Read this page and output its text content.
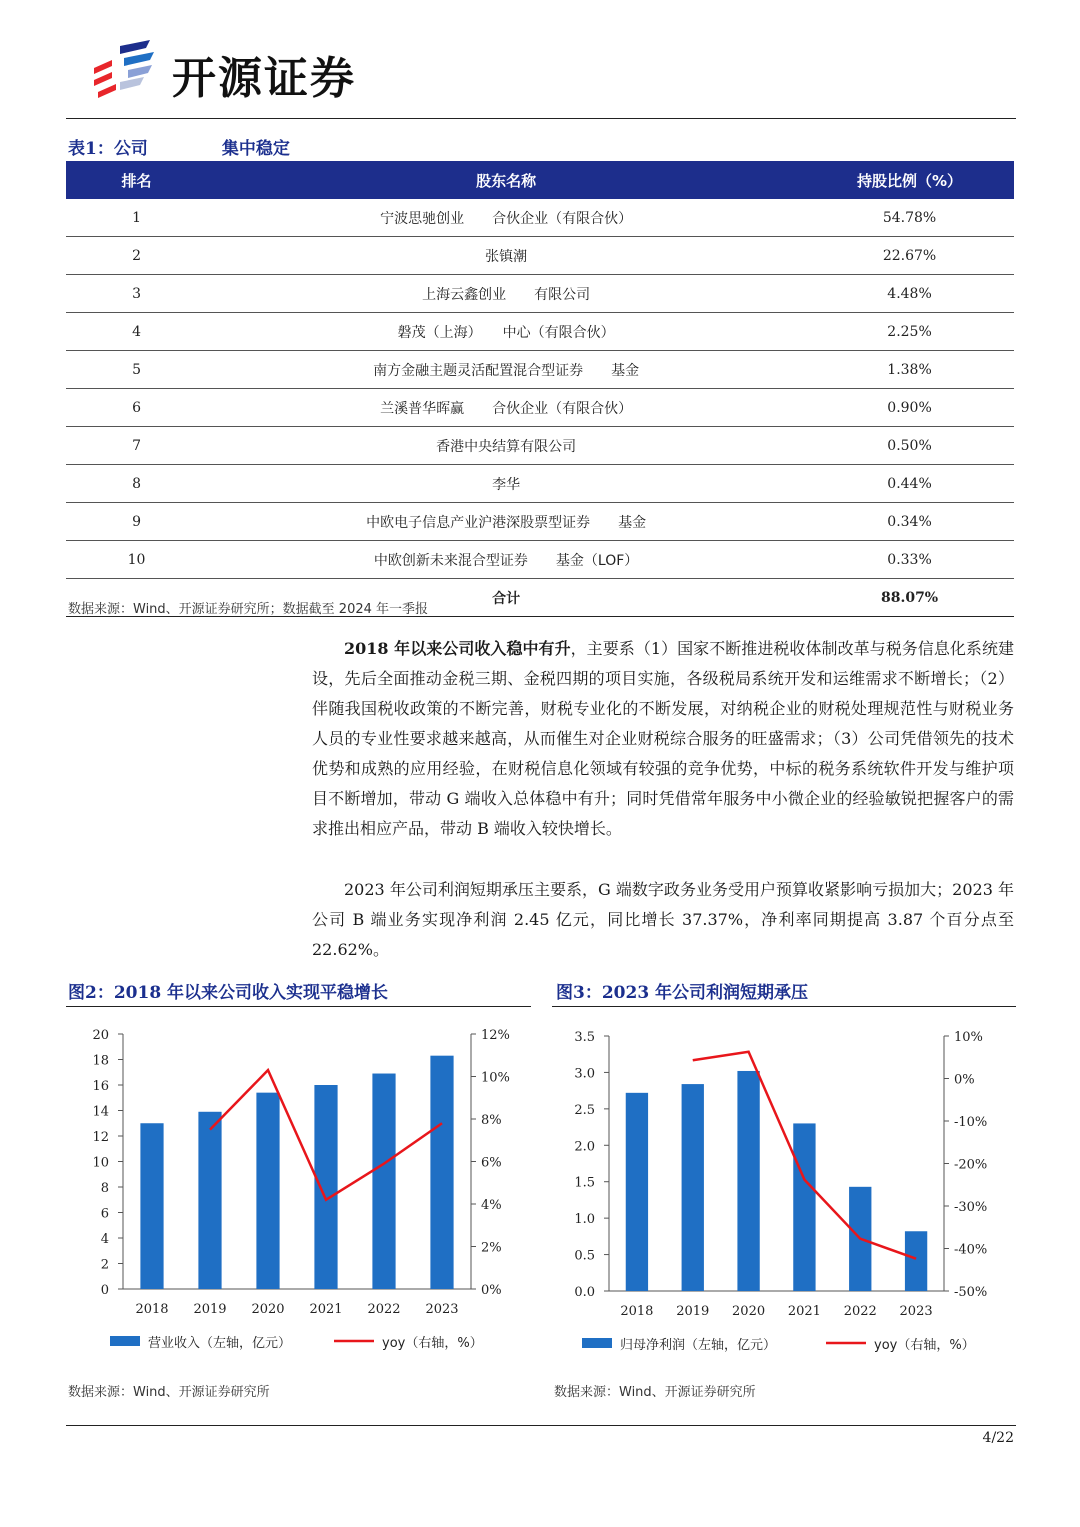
开源证券
表1：公司	集中稳定
排名	股东名称	持股比例（%）
1	宁波思驰创业　　合伙企业（有限合伙）	54.78%
2	张镇潮	22.67%
3	上海云鑫创业　　有限公司	4.48%
4	磐茂（上海）　　中心（有限合伙）	2.25%
5	南方金融主题灵活配置混合型证券　　基金	1.38%
6	兰溪普华晖赢　　合伙企业（有限合伙）	0.90%
7	香港中央结算有限公司	0.50%
8	李华	0.44%
9	中欧电子信息产业沪港深股票型证券　　基金	0.34%
10	中欧创新未来混合型证券　　基金（LOF）	0.33%
	合计	88.07%
数据来源：Wind、开源证券研究所；数据截至 2024 年一季报
2018 年以来公司收入稳中有升，主要系（1）国家不断推进税收体制改革与税务信息化系统建设，先后全面推动金税三期、金税四期的项目实施，各级税局系统开发和运维需求不断增长；（2）伴随我国税收政策的不断完善，财税专业化的不断发展，对纳税企业的财税处理规范性与财税业务人员的专业性要求越来越高，从而催生对企业财税综合服务的旺盛需求；（3）公司凭借领先的技术优势和成熟的应用经验，在财税信息化领域有较强的竞争优势，中标的税务系统软件开发与维护项目不断增加，带动 G 端收入总体稳中有升；同时凭借常年服务中小微企业的经验敏锐把握客户的需求推出相应产品，带动 B 端收入较快增长。
2023 年公司利润短期承压主要系，G 端数字政务业务受用户预算收紧影响亏损加大；2023 年公司 B 端业务实现净利润 2.45 亿元，同比增长 37.37%，净利率同期提高 3.87 个百分点至 22.62%。
图2：2018 年以来公司收入实现平稳增长
0
2
4
6
8
10
12
14
16
18
20
0%
2%
4%
6%
8%
10%
12%
2018 2019 2020 2021 2022 2023
营业收入（左轴，亿元）	yoy（右轴，%）
数据来源：Wind、开源证券研究所
图3：2023 年公司利润短期承压
0.0
0.5
1.0
1.5
2.0
2.5
3.0
3.5
-50%
-40%
-30%
-20%
-10%
0%
10%
2018 2019 2020 2021 2022 2023
归母净利润（左轴，亿元）	yoy（右轴，%）
数据来源：Wind、开源证券研究所
4/22
